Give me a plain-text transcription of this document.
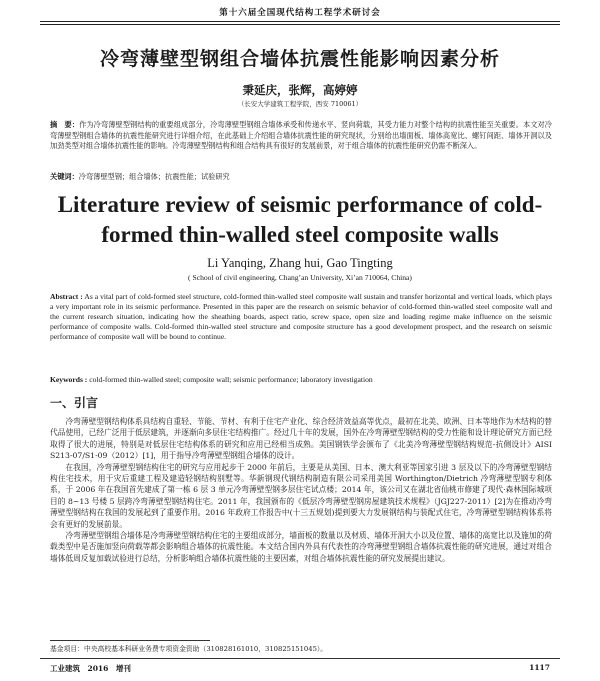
第十六届全国现代结构工程学术研讨会
冷弯薄壁型钢组合墙体抗震性能影响因素分析
秉延庆，张辉，高婷婷
（长安大学建筑工程学院，西安 710061）
摘　要：作为冷弯薄壁型钢结构的重要组成部分，冷弯薄壁型钢组合墙体承受和传递水平、竖向荷载，其受力能力对整个结构的抗震性能至关重要。本文对冷弯薄壁型钢组合墙体的抗震性能研究进行详细介绍，在此基础上介绍组合墙体抗震性能的研究现状，分别给出墙面板、墙体高宽比、螺钉间距、墙体开洞以及加劲类型对组合墙体抗震性能的影响。冷弯薄壁型钢结构和组合结构具有很好的发展前景，对于组合墙体的抗震性能研究仍需不断深入。
关键词：冷弯薄壁型钢；组合墙体；抗震性能；试验研究
Literature review of seismic performance of cold-formed thin-walled steel composite walls
Li Yanqing, Zhang hui, Gao Tingting
( School of civil engineering, Chang’an University, Xi’an 710064, China)
Abstract : As a vital part of cold-formed steel structure, cold-formed thin-walled steel composite wall sustain and transfer horizontal and vertical loads, which plays a very important role in its seismic performance. Presented in this paper are the research on seismic behavior of cold-formed thin-walled steel composite wall and the current research situation, indicating how the sheathing boards, aspect ratio, screw space, open size and loading regime make influence on the seismic performance of composite walls. Cold-formed thin-walled steel structure and composite structure has a good development prospect, and the research on seismic performance of composite wall will be bound to continue.
Keywords : cold-formed thin-walled steel; composite wall; seismic performance; laboratory investigation
一、引言

冷弯薄壁型钢结构体系具结构自重轻、节能、节材、有利于住宅产业化、综合经济效益高等优点，最初在北美、欧洲、日本等地作为木结构的替代品使用，已经广泛用于低层建筑，并逐渐向多层住宅结构推广。经过几十年的发展，国外在冷弯薄壁型钢结构的受力性能和设计理论研究方面已经取得了很大的进展，特别是对低层住宅结构体系的研究和应用已经相当成熟。美国钢铁学会颁布了《北美冷弯薄壁型钢结构规范-抗侧设计》AISI S213-07/S1-09（2012）[1]，用于指导冷弯薄壁型钢组合墙体的设计。

在我国，冷弯薄壁型钢结构住宅的研究与应用起步于 2000 年前后，主要是从美国、日本、澳大利亚等国家引进 3 层及以下的冷弯薄壁型钢结构住宅技术，用于灾后重建工程及建造轻钢结构别墅等。华新钢现代钢结构制造有限公司采用美国 Worthington/Dietrich 冷弯薄壁型钢专利体系，于 2006 年在我国首先建成了第一栋 6 层 3 单元冷弯薄壁型钢多层住宅试点楼；2014 年，该公司又在湖北省仙桃市修建了现代·森林国际城项目的 8~13 号楼 5 层跨冷弯薄壁型钢结构住宅。2011 年，我国颁布的《低层冷弯薄壁型钢房屋建筑技术规程》（JGJ227-2011）[2]为在推动冷弯薄壁型钢结构在我国的发展起到了重要作用。2016 年政府工作报告中(十三五规划)提到要大力发展钢结构与装配式住宅，冷弯薄壁型钢结构体系将会有更好的发展前景。

冷弯薄壁型钢组合墙体是冷弯薄壁型钢结构住宅的主要组成部分，墙面板的数量以及材质、墙体开洞大小以及位置、墙体的高宽比以及施加的荷载类型中是否施加竖向荷载等都会影响组合墙体的抗震性能。本文结合国内外具有代表性的冷弯薄壁型钢组合墙体抗震性能的研究进展，通过对组合墙体低周反复加载试验进行总结，分析影响组合墙体抗震性能的主要因素，对组合墙体抗震性能的研究发展提出建议。

基金项目：中央高校基本科研业务费专项资金资助（310828161010，310825151045）。
工业建筑　2016　增刊	1117
